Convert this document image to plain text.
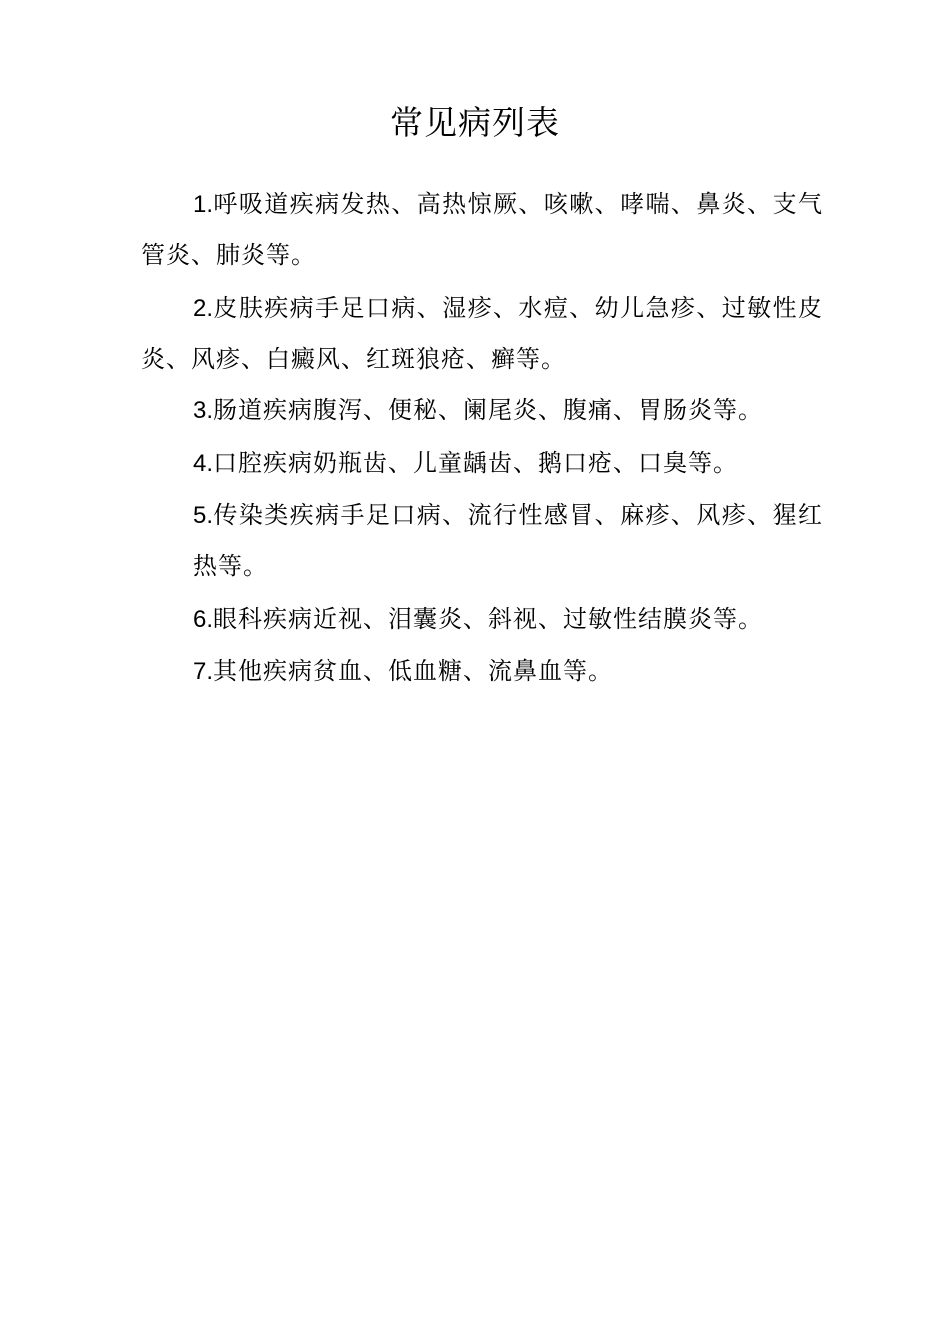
常见病列表

1.呼吸道疾病发热、高热惊厥、咳嗽、哮喘、鼻炎、支气管炎、肺炎等。

2.皮肤疾病手足口病、湿疹、水痘、幼儿急疹、过敏性皮炎、风疹、白癜风、红斑狼疮、癣等。

3.肠道疾病腹泻、便秘、阑尾炎、腹痛、胃肠炎等。

4.口腔疾病奶瓶齿、儿童龋齿、鹅口疮、口臭等。

5.传染类疾病手足口病、流行性感冒、麻疹、风疹、猩红热等。

6.眼科疾病近视、泪囊炎、斜视、过敏性结膜炎等。

7.其他疾病贫血、低血糖、流鼻血等。
